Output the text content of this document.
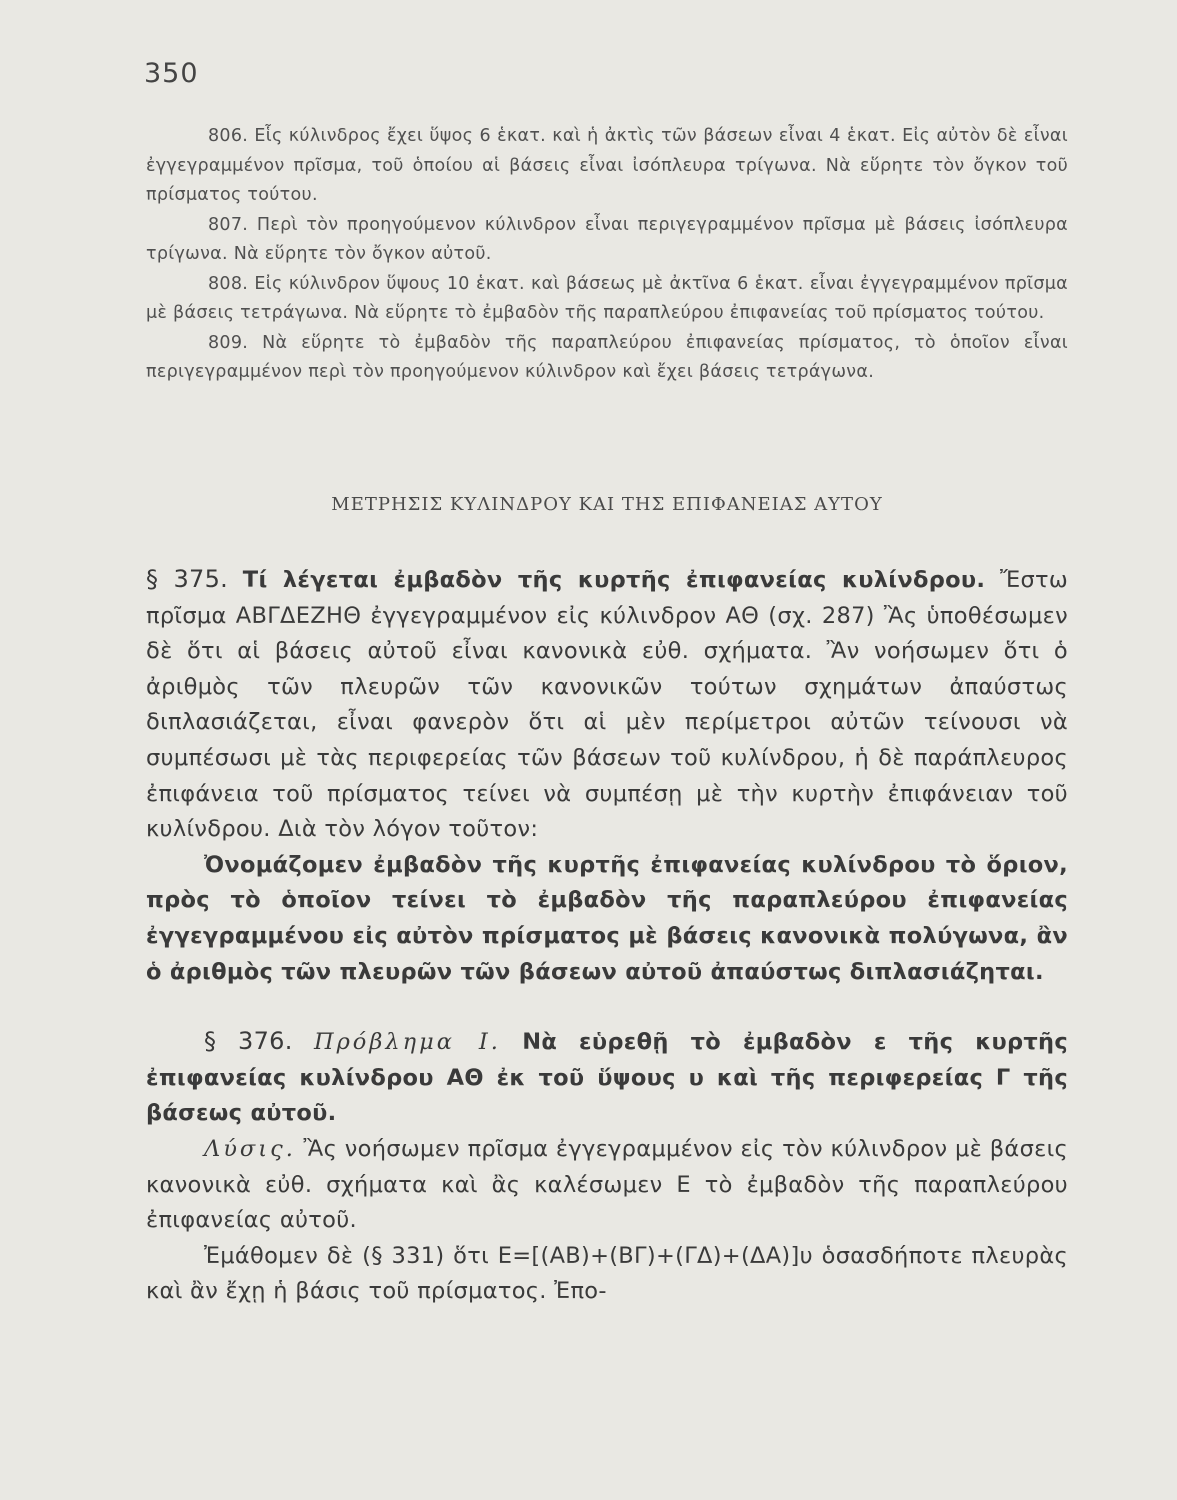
350

806. Εἷς κύλινδρος ἔχει ὕψος 6 ἑκατ. καὶ ἡ ἀκτὶς τῶν βάσεων εἶναι 4 ἑκατ. Εἰς αὐτὸν δὲ εἶναι ἐγγεγραμμένον πρῖσμα, τοῦ ὁποίου αἱ βάσεις εἶναι ἰσόπλευρα τρίγωνα. Νὰ εὕρητε τὸν ὄγκον τοῦ πρίσματος τούτου.

807. Περὶ τὸν προηγούμενον κύλινδρον εἶναι περιγεγραμμένον πρῖσμα μὲ βάσεις ἰσόπλευρα τρίγωνα. Νὰ εὕρητε τὸν ὄγκον αὐτοῦ.

808. Εἰς κύλινδρον ὕψους 10 ἑκατ. καὶ βάσεως μὲ ἀκτῖνα 6 ἑκατ. εἶναι ἐγγεγραμμένον πρῖσμα μὲ βάσεις τετράγωνα. Νὰ εὕρητε τὸ ἐμβαδὸν τῆς παραπλεύρου ἐπιφανείας τοῦ πρίσματος τούτου.

809. Νὰ εὕρητε τὸ ἐμβαδὸν τῆς παραπλεύρου ἐπιφανείας πρίσματος, τὸ ὁποῖον εἶναι περιγεγραμμένον περὶ τὸν προηγούμενον κύλινδρον καὶ ἔχει βάσεις τετράγωνα.

ΜΕΤΡΗΣΙΣ ΚΥΛΙΝΔΡΟΥ ΚΑΙ ΤΗΣ ΕΠΙΦΑΝΕΙΑΣ ΑΥΤΟΥ

§ 375. Τί λέγεται ἐμβαδὸν τῆς κυρτῆς ἐπιφανείας κυλίνδρου. Ἔστω πρῖσμα ΑΒΓΔΕΖΗΘ ἐγγεγραμμένον εἰς κύλινδρον ΑΘ (σχ. 287) Ἂς ὑποθέσωμεν δὲ ὅτι αἱ βάσεις αὐτοῦ εἶναι κανονικὰ εὐθ. σχήματα. Ἂν νοήσωμεν ὅτι ὁ ἀριθμὸς τῶν πλευρῶν τῶν κανονικῶν τούτων σχημάτων ἀπαύστως διπλασιάζεται, εἶναι φανερὸν ὅτι αἱ μὲν περίμετροι αὐτῶν τείνουσι νὰ συμπέσωσι μὲ τὰς περιφερείας τῶν βάσεων τοῦ κυλίνδρου, ἡ δὲ παράπλευρος ἐπιφάνεια τοῦ πρίσματος τείνει νὰ συμπέσῃ μὲ τὴν κυρτὴν ἐπιφάνειαν τοῦ κυλίνδρου. Διὰ τὸν λόγον τοῦτον:

Ὀνομάζομεν ἐμβαδὸν τῆς κυρτῆς ἐπιφανείας κυλίνδρου τὸ ὅριον, πρὸς τὸ ὁποῖον τείνει τὸ ἐμβαδὸν τῆς παραπλεύρου ἐπιφανείας ἐγγεγραμμένου εἰς αὐτὸν πρίσματος μὲ βάσεις κανονικὰ πολύγωνα, ἂν ὁ ἀριθμὸς τῶν πλευρῶν τῶν βάσεων αὐτοῦ ἀπαύστως διπλασιάζηται.

§ 376. Πρόβλημα Ι. Νὰ εὑρεθῇ τὸ ἐμβαδὸν ε τῆς κυρτῆς ἐπιφανείας κυλίνδρου ΑΘ ἐκ τοῦ ὕψους υ καὶ τῆς περιφερείας Γ τῆς βάσεως αὐτοῦ.

Λύσις. Ἂς νοήσωμεν πρῖσμα ἐγγεγραμμένον εἰς τὸν κύλινδρον μὲ βάσεις κανονικὰ εὐθ. σχήματα καὶ ἂς καλέσωμεν Ε τὸ ἐμβαδὸν τῆς παραπλεύρου ἐπιφανείας αὐτοῦ.

Ἐμάθομεν δὲ (§ 331) ὅτι Ε=[(ΑΒ)+(ΒΓ)+(ΓΔ)+(ΔΑ)]υ ὁσασδήποτε πλευρὰς καὶ ἂν ἔχῃ ἡ βάσις τοῦ πρίσματος. Ἐπο-
